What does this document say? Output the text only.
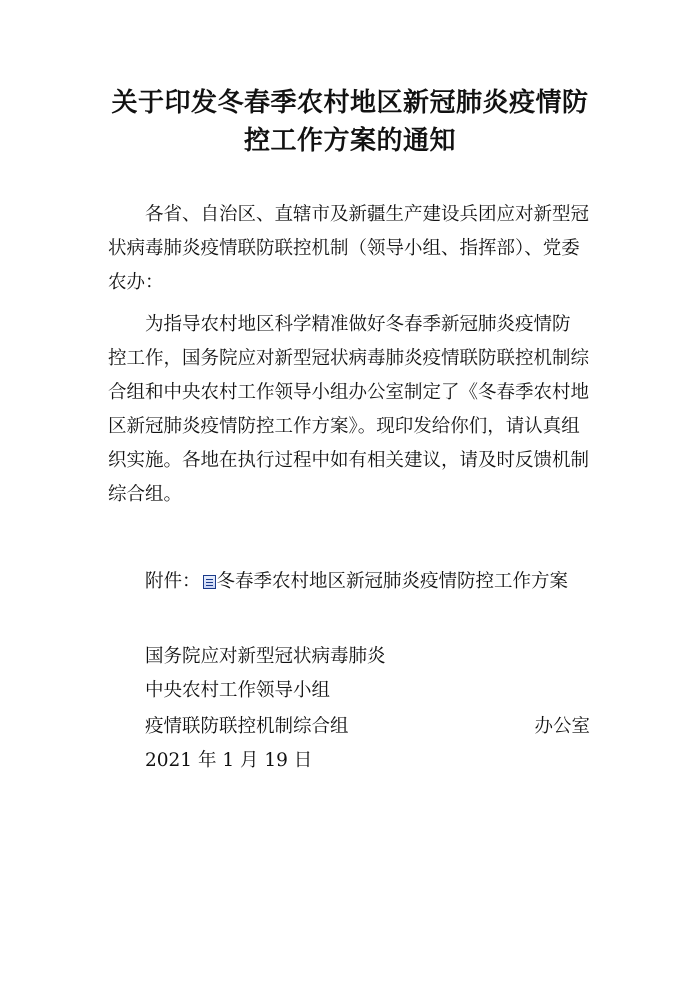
关于印发冬春季农村地区新冠肺炎疫情防
控工作方案的通知
各省、自治区、直辖市及新疆生产建设兵团应对新型冠
状病毒肺炎疫情联防联控机制（领导小组、指挥部）、党委
农办：
为指导农村地区科学精准做好冬春季新冠肺炎疫情防
控工作，国务院应对新型冠状病毒肺炎疫情联防联控机制综
合组和中央农村工作领导小组办公室制定了《冬春季农村地
区新冠肺炎疫情防控工作方案》。现印发给你们，请认真组
织实施。各地在执行过程中如有相关建议，请及时反馈机制
综合组。
附件： 冬春季农村地区新冠肺炎疫情防控工作方案
国务院应对新型冠状病毒肺炎
中央农村工作领导小组
疫情联防联控机制综合组	办公室
2021 年 1 月 19 日
